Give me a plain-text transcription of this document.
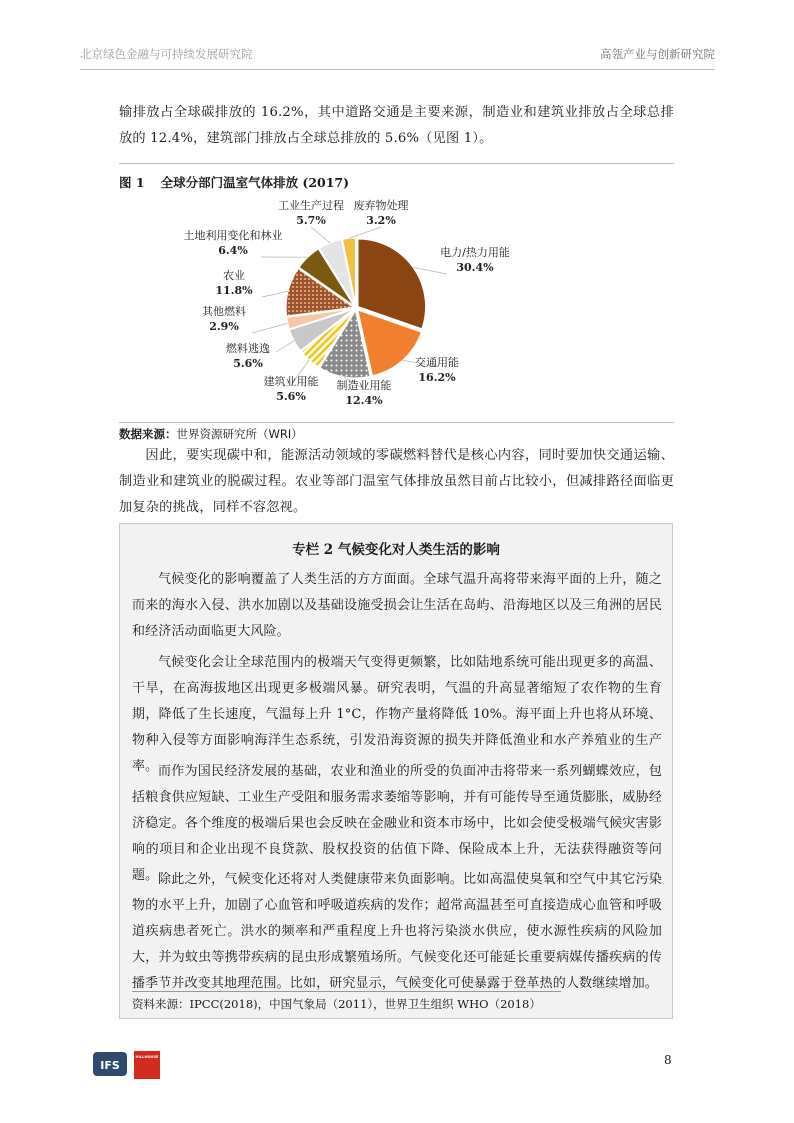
北京绿色金融与可持续发展研究院	高瓴产业与创新研究院

输排放占全球碳排放的 16.2%，其中道路交通是主要来源，制造业和建筑业排放占全球总排放的 12.4%，建筑部门排放占全球总排放的 5.6%（见图 1）。

图 1 全球分部门温室气体排放 (2017)
电力/热力用能
30.4%
交通用能
16.2%
制造业用能
12.4%
建筑业用能
5.6%
燃料逃逸
5.6%
其他燃料
2.9%
农业
11.8%
土地利用变化和林业
6.4%
工业生产过程
5.7%
废弃物处理
3.2%
数据来源：世界资源研究所（WRI）

因此，要实现碳中和，能源活动领域的零碳燃料替代是核心内容，同时要加快交通运输、制造业和建筑业的脱碳过程。农业等部门温室气体排放虽然目前占比较小，但减排路径面临更加复杂的挑战，同样不容忽视。

专栏 2 气候变化对人类生活的影响

气候变化的影响覆盖了人类生活的方方面面。全球气温升高将带来海平面的上升，随之而来的海水入侵、洪水加剧以及基础设施受损会让生活在岛屿、沿海地区以及三角洲的居民和经济活动面临更大风险。

气候变化会让全球范围内的极端天气变得更频繁，比如陆地系统可能出现更多的高温、干旱，在高海拔地区出现更多极端风暴。研究表明，气温的升高显著缩短了农作物的生育期，降低了生长速度，气温每上升 1°C，作物产量将降低 10%。海平面上升也将从环境、物种入侵等方面影响海洋生态系统，引发沿海资源的损失并降低渔业和水产养殖业的生产率。 而作为国民经济发展的基础，农业和渔业的所受的负面冲击将带来一系列蝴蝶效应，包括粮食供应短缺、工业生产受阻和服务需求萎缩等影响，并有可能传导至通货膨胀，威胁经济稳定。各个维度的极端后果也会反映在金融业和资本市场中，比如会使受极端气候灾害影响的项目和企业出现不良贷款、股权投资的估值下降、保险成本上升，无法获得融资等问题。 除此之外，气候变化还将对人类健康带来负面影响。比如高温使臭氧和空气中其它污染物的水平上升，加剧了心血管和呼吸道疾病的发作；超常高温甚至可直接造成心血管和呼吸道疾病患者死亡。洪水的频率和严重程度上升也将污染淡水供应，使水源性疾病的风险加大，并为蚊虫等携带疾病的昆虫形成繁殖场所。气候变化还可能延长重要病媒传播疾病的传播季节并改变其地理范围。比如，研究显示，气候变化可使暴露于登革热的人数继续增加。

资料来源：IPCC(2018)，中国气象局（2011），世界卫生组织 WHO（2018）
IFS
HILLHOUSE	8
